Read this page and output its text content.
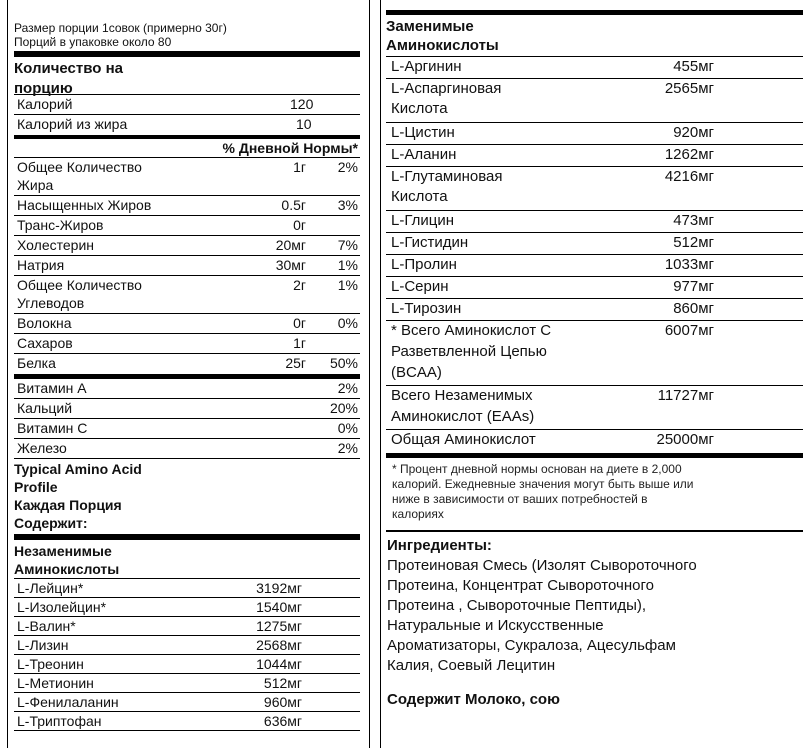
Размер порции 1совок (примерно 30г)
Порций в упаковке около 80
Количество на
порцию
Калорий	120
Калорий из жира	10
% Дневной Нормы*
Общее Количество
Жира
1г 2%
Насыщенных Жиров	0.5г 3%
Транс-Жиров	0г
Холестерин	20мг 7%
Натрия	30мг 1%
Общее Количество
Углеводов
2г 1%
Волокна	0г 0%
Сахаров	1г
Белка	25г 50%
Витамин А	2%
Кальций	20%
Витамин С	0%
Железо	2%
Typical Amino Acid
Profile
Каждая Порция
Содержит:
Незаменимые
Аминокислоты
L-Лейцин*	3192мг
L-Изолейцин*	1540мг
L-Валин*	1275мг
L-Лизин	2568мг
L-Треонин	1044мг
L-Метионин	512мг
L-Фенилаланин	960мг
L-Триптофан	636мг
Заменимые
Аминокислоты
L-Аргинин	455мг
L-Аспаргиновая
Кислота
2565мг
L-Цистин	920мг
L-Аланин	1262мг
L-Глутаминовая
Кислота
4216мг
L-Глицин	473мг
L-Гистидин	512мг
L-Пролин	1033мг
L-Серин	977мг
L-Тирозин	860мг
* Всего Аминокислот С
Разветвленной Цепью
(BCAA)
6007мг
Всего Незаменимых
Аминокислот (EAAs)
11727мг
Общая Аминокислот	25000мг
* Процент дневной нормы основан на диете в 2,000
калорий. Ежедневные значения могут быть выше или
ниже в зависимости от ваших потребностей в
калориях
Ингредиенты:
Протеиновая Смесь (Изолят Сывороточного
Протеина, Концентрат Сывороточного
Протеина , Сывороточные Пептиды),
Натуральные и Искусственные
Ароматизаторы, Сукралоза, Ацесульфам
Калия, Соевый Лецитин
Содержит Молоко, сою
